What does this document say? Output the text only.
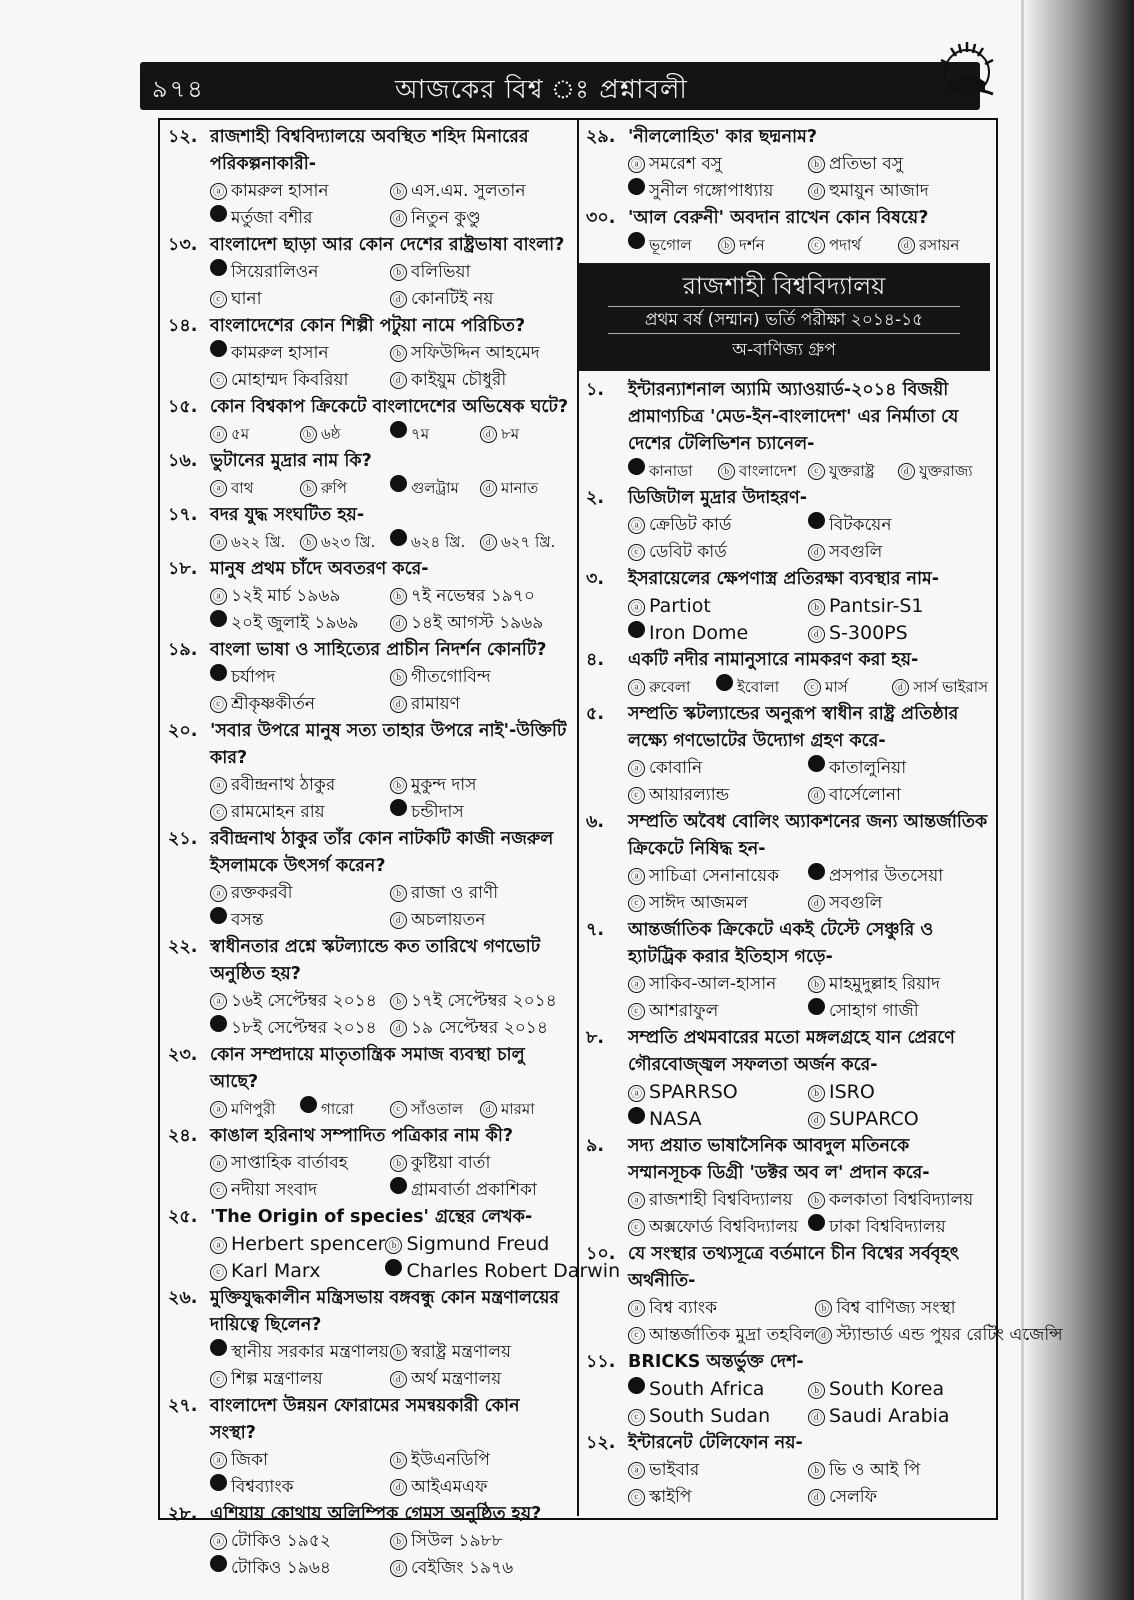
৯৭৪	আজকের বিশ্ব ঃ প্রশ্নাবলী
১২. রাজশাহী বিশ্ববিদ্যালয়ে অবস্থিত শহিদ মিনারের পরিকল্পনাকারী-
ⓐ কামরুল হাসান	ⓑ এস.এম. সুলতান
মর্তুজা বশীর	ⓓ নিতুন কুণ্ডু
১৩. বাংলাদেশ ছাড়া আর কোন দেশের রাষ্ট্রভাষা বাংলা?
সিয়েরালিওন	ⓑ বলিভিয়া
ⓒ ঘানা	ⓓ কোনটিই নয়
১৪. বাংলাদেশের কোন শিল্পী পটুয়া নামে পরিচিত?
কামরুল হাসান	ⓑ সফিউদ্দিন আহমেদ
ⓒ মোহাম্মদ কিবরিয়া	ⓓ কাইয়ুম চৌধুরী
১৫. কোন বিশ্বকাপ ক্রিকেটে বাংলাদেশের অভিষেক ঘটে?
ⓐ ৫ম	ⓑ ৬ষ্ঠ	৭ম	ⓓ ৮ম
১৬. ভুটানের মুদ্রার নাম কি?
ⓐ বাথ	ⓑ রুপি	গুলট্রাম	ⓓ মানাত
১৭. বদর যুদ্ধ সংঘটিত হয়-
ⓐ ৬২২ খ্রি.	ⓑ ৬২৩ খ্রি.	৬২৪ খ্রি.	ⓓ ৬২৭ খ্রি.
১৮. মানুষ প্রথম চাঁদে অবতরণ করে-
ⓐ ১২ই মার্চ ১৯৬৯	ⓑ ৭ই নভেম্বর ১৯৭০
২০ই জুলাই ১৯৬৯	ⓓ ১৪ই আগস্ট ১৯৬৯
১৯. বাংলা ভাষা ও সাহিত্যের প্রাচীন নিদর্শন কোনটি?
চর্যাপদ	ⓑ গীতগোবিন্দ
ⓒ শ্রীকৃষ্ণকীর্তন	ⓓ রামায়ণ
২০. 'সবার উপরে মানুষ সত্য তাহার উপরে নাই'-উক্তিটি কার?
ⓐ রবীন্দ্রনাথ ঠাকুর	ⓑ মুকুন্দ দাস
ⓒ রামমোহন রায়	চন্ডীদাস
২১. রবীন্দ্রনাথ ঠাকুর তাঁর কোন নাটকটি কাজী নজরুল ইসলামকে উৎসর্গ করেন?
ⓐ রক্তকরবী	ⓑ রাজা ও রাণী
বসন্ত	ⓓ অচলায়তন
২২. স্বাধীনতার প্রশ্নে স্কটল্যান্ডে কত তারিখে গণভোট অনুষ্ঠিত হয়?
ⓐ ১৬ই সেপ্টেম্বর ২০১৪	ⓑ ১৭ই সেপ্টেম্বর ২০১৪
১৮ই সেপ্টেম্বর ২০১৪	ⓓ ১৯ সেপ্টেম্বর ২০১৪
২৩. কোন সম্প্রদায়ে মাতৃতান্ত্রিক সমাজ ব্যবস্থা চালু আছে?
ⓐ মণিপুরী	গারো	ⓒ সাঁওতাল	ⓓ মারমা
২৪. কাঙাল হরিনাথ সম্পাদিত পত্রিকার নাম কী?
ⓐ সাপ্তাহিক বার্তাবহ	ⓑ কুষ্টিয়া বার্তা
ⓒ নদীয়া সংবাদ	গ্রামবার্তা প্রকাশিকা
২৫. 'The Origin of species' গ্রন্থের লেখক-
ⓐ Herbert spencer ⓑ Sigmund Freud
ⓒ Karl Marx	Charles Robert Darwin
২৬. মুক্তিযুদ্ধকালীন মন্ত্রিসভায় বঙ্গবন্ধু কোন মন্ত্রণালয়ের দায়িত্বে ছিলেন?
স্থানীয় সরকার মন্ত্রণালয় ⓑ স্বরাষ্ট্র মন্ত্রণালয়
ⓒ শিল্প মন্ত্রণালয়	ⓓ অর্থ মন্ত্রণালয়
২৭. বাংলাদেশ উন্নয়ন ফোরামের সমন্বয়কারী কোন সংস্থা?
ⓐ জিকা	ⓑ ইউএনডিপি
বিশ্বব্যাংক	ⓓ আইএমএফ
২৮. এশিয়ায় কোথায় অলিম্পিক গেমস অনুষ্ঠিত হয়?
ⓐ টোকিও ১৯৫২	ⓑ সিউল ১৯৮৮
টোকিও ১৯৬৪	ⓓ বেইজিং ১৯৭৬
২৯. 'নীললোহিত' কার ছদ্মনাম?
ⓐ সমরেশ বসু	ⓑ প্রতিভা বসু
সুনীল গঙ্গোপাধ্যায়	ⓓ হুমায়ুন আজাদ
৩০. 'আল বেরুনী' অবদান রাখেন কোন বিষয়ে?
ভূগোল	ⓑ দর্শন	ⓒ পদার্থ	ⓓ রসায়ন
রাজশাহী বিশ্ববিদ্যালয়
প্রথম বর্ষ (সম্মান) ভর্তি পরীক্ষা ২০১৪-১৫
অ-বাণিজ্য গ্রুপ
১.	ইন্টারন্যাশনাল অ্যামি অ্যাওয়ার্ড-২০১৪ বিজয়ী প্রামাণ্যচিত্র 'মেড-ইন-বাংলাদেশ' এর নির্মাতা যে দেশের টেলিভিশন চ্যানেল-
কানাডা	ⓑ বাংলাদেশ	ⓒ যুক্তরাষ্ট্র	ⓓ যুক্তরাজ্য
২.	ডিজিটাল মুদ্রার উদাহরণ-
ⓐ ক্রেডিট কার্ড	বিটকয়েন
ⓒ ডেবিট কার্ড	ⓓ সবগুলি
৩.	ইসরায়েলের ক্ষেপণাস্ত্র প্রতিরক্ষা ব্যবস্থার নাম-
ⓐ Partiot	ⓑ Pantsir-S1
Iron Dome	ⓓ S-300PS
৪.	একটি নদীর নামানুসারে নামকরণ করা হয়-
ⓐ রুবেলা	ইবোলা	ⓒ মার্স	ⓓ সার্স ভাইরাস
৫.	সম্প্রতি স্কটল্যান্ডের অনুরূপ স্বাধীন রাষ্ট্র প্রতিষ্ঠার লক্ষ্যে গণভোটের উদ্যোগ গ্রহণ করে-
ⓐ কোবানি	কাতালুনিয়া
ⓒ আয়ারল্যান্ড	ⓓ বার্সেলোনা
৬.	সম্প্রতি অবৈধ বোলিং অ্যাকশনের জন্য আন্তর্জাতিক ক্রিকেটে নিষিদ্ধ হন-
ⓐ সাচিত্রা সেনানায়েক	প্রসপার উতসেয়া
ⓒ সাঈদ আজমল	ⓓ সবগুলি
৭.	আন্তর্জাতিক ক্রিকেটে একই টেস্টে সেঞ্চুরি ও হ্যাটট্রিক করার ইতিহাস গড়ে-
ⓐ সাকিব-আল-হাসান	ⓑ মাহমুদুল্লাহ রিয়াদ
ⓒ আশরাফুল	সোহাগ গাজী
৮.	সম্প্রতি প্রথমবারের মতো মঙ্গলগ্রহে যান প্রেরণে গৌরবোজ্জ্বল সফলতা অর্জন করে-
ⓐ SPARRSO	ⓑ ISRO
NASA	ⓓ SUPARCO
৯.	সদ্য প্রয়াত ভাষাসৈনিক আবদুল মতিনকে সম্মানসূচক ডিগ্রী 'ডক্টর অব ল' প্রদান করে-
ⓐ রাজশাহী বিশ্ববিদ্যালয়	ⓑ কলকাতা বিশ্ববিদ্যালয়
ⓒ অক্সফোর্ড বিশ্ববিদ্যালয়	ঢাকা বিশ্ববিদ্যালয়
১০. যে সংস্থার তথ্যসূত্রে বর্তমানে চীন বিশ্বের সর্ববৃহৎ অর্থনীতি-
ⓐ বিশ্ব ব্যাংক	ⓑ বিশ্ব বাণিজ্য সংস্থা
ⓒ আন্তর্জাতিক মুদ্রা তহবিল ⓓ স্ট্যান্ডার্ড এন্ড পুয়র রেটিং এজেন্সি
১১. BRICKS অন্তর্ভুক্ত দেশ-
South Africa	ⓑ South Korea
ⓒ South Sudan	ⓓ Saudi Arabia
১২. ইন্টারনেট টেলিফোন নয়-
ⓐ ভাইবার	ⓑ ভি ও আই পি
ⓒ স্কাইপি	ⓓ সেলফি
